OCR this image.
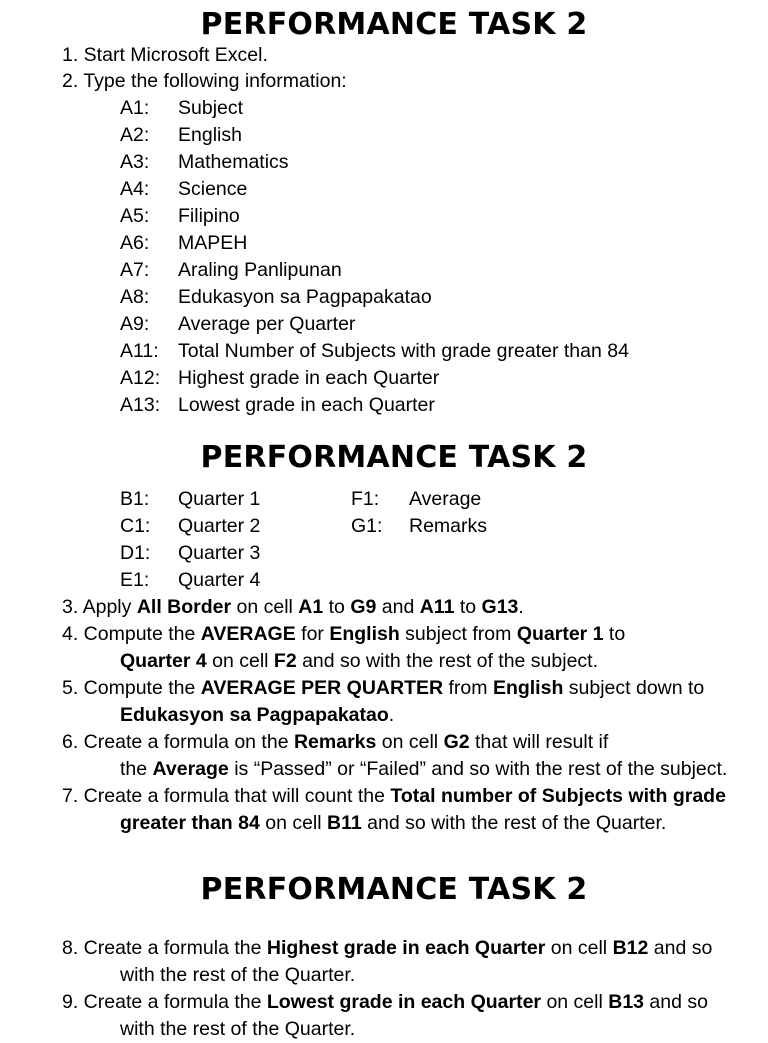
PERFORMANCE TASK 2
1. Start Microsoft Excel.
2. Type the following information:
A1: Subject
A2: English
A3: Mathematics
A4: Science
A5: Filipino
A6: MAPEH
A7: Araling Panlipunan
A8: Edukasyon sa Pagpapakatao
A9: Average per Quarter
A11: Total Number of Subjects with grade greater than 84
A12: Highest grade in each Quarter
A13: Lowest grade in each Quarter
PERFORMANCE TASK 2
B1: Quarter 1
C1: Quarter 2
D1: Quarter 3
E1: Quarter 4
F1: Average
G1: Remarks
3. Apply All Border on cell A1 to G9 and A11 to G13.
4. Compute the AVERAGE for English subject from Quarter 1 to
Quarter 4 on cell F2 and so with the rest of the subject.
5. Compute the AVERAGE PER QUARTER from English subject down to
Edukasyon sa Pagpapakatao.
6. Create a formula on the Remarks on cell G2 that will result if
the Average is “Passed” or “Failed” and so with the rest of the subject.
7. Create a formula that will count the Total number of Subjects with grade
greater than 84 on cell B11 and so with the rest of the Quarter.
PERFORMANCE TASK 2
8. Create a formula the Highest grade in each Quarter on cell B12 and so
with the rest of the Quarter.
9. Create a formula the Lowest grade in each Quarter on cell B13 and so
with the rest of the Quarter.
